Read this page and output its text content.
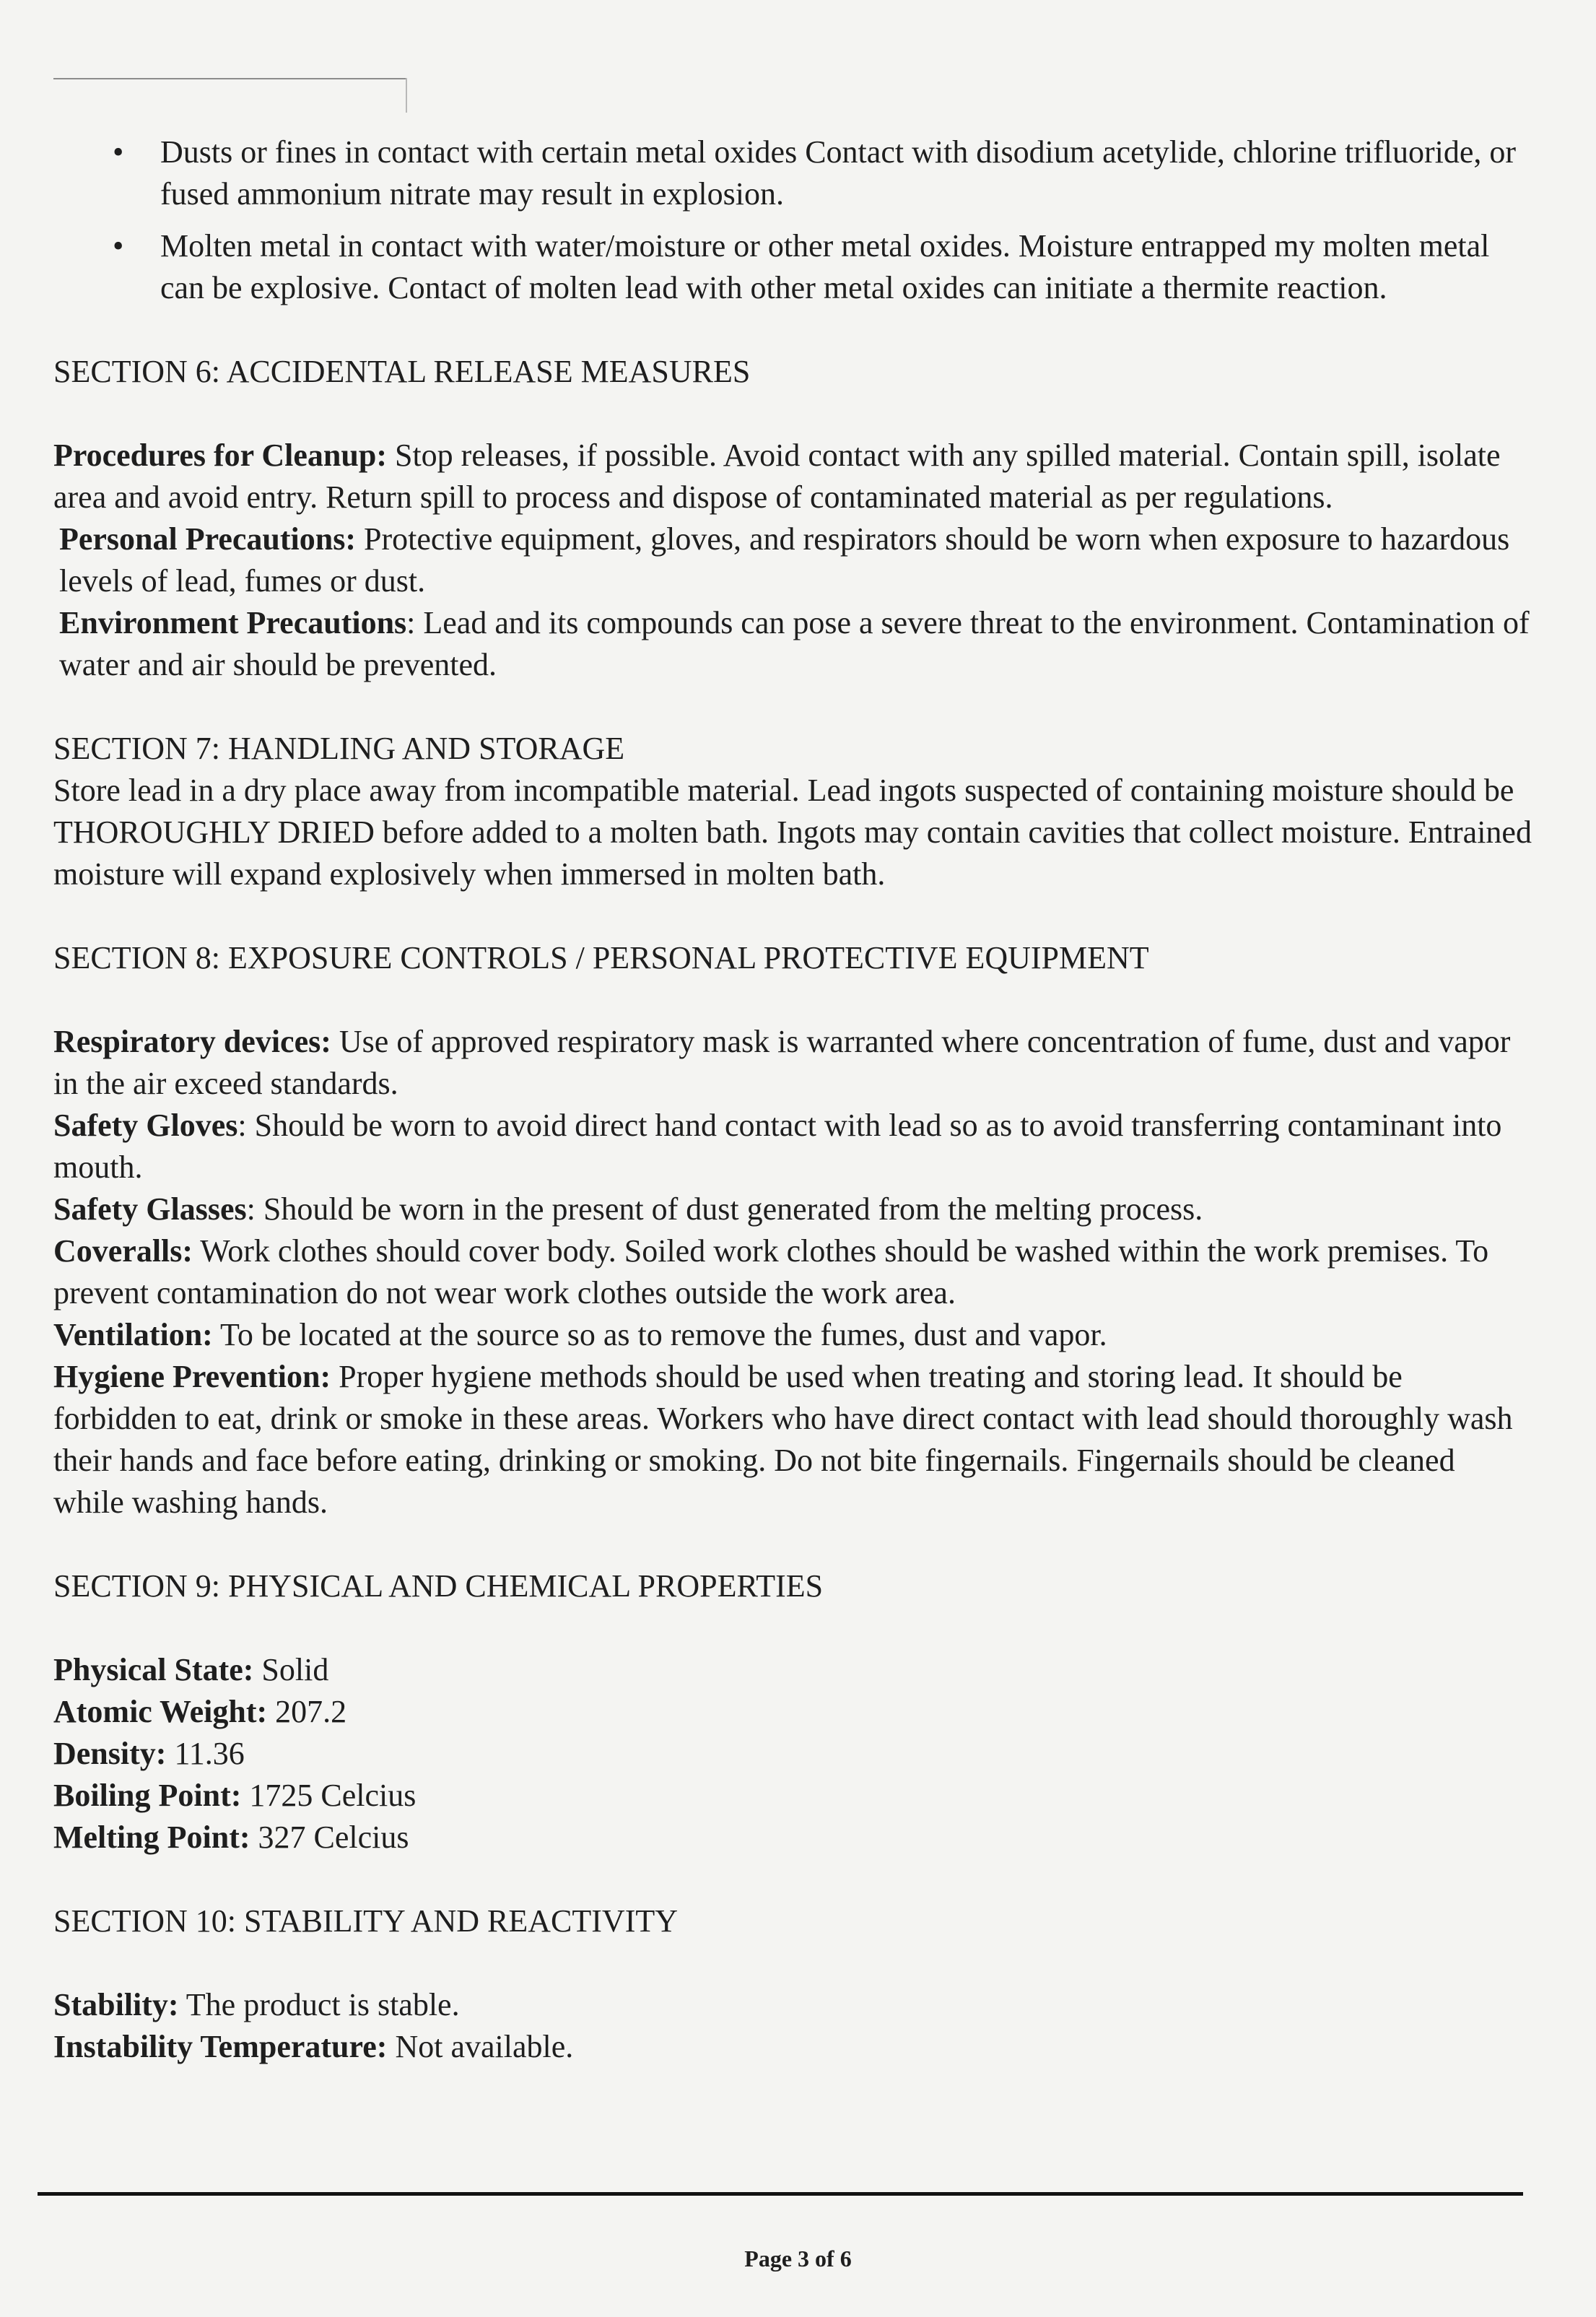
• Dusts or fines in contact with certain metal oxides Contact with disodium acetylide, chlorine trifluoride, or fused ammonium nitrate may result in explosion.
• Molten metal in contact with water/moisture or other metal oxides. Moisture entrapped my molten metal can be explosive. Contact of molten lead with other metal oxides can initiate a thermite reaction.
SECTION 6: ACCIDENTAL RELEASE MEASURES

Procedures for Cleanup: Stop releases, if possible. Avoid contact with any spilled material. Contain spill, isolate area and avoid entry. Return spill to process and dispose of contaminated material as per regulations.

Personal Precautions: Protective equipment, gloves, and respirators should be worn when exposure to hazardous levels of lead, fumes or dust.

Environment Precautions: Lead and its compounds can pose a severe threat to the environment. Contamination of water and air should be prevented.

SECTION 7: HANDLING AND STORAGE

Store lead in a dry place away from incompatible material. Lead ingots suspected of containing moisture should be THOROUGHLY DRIED before added to a molten bath. Ingots may contain cavities that collect moisture. Entrained moisture will expand explosively when immersed in molten bath.

SECTION 8: EXPOSURE CONTROLS / PERSONAL PROTECTIVE EQUIPMENT

Respiratory devices: Use of approved respiratory mask is warranted where concentration of fume, dust and vapor in the air exceed standards.

Safety Gloves: Should be worn to avoid direct hand contact with lead so as to avoid transferring contaminant into mouth.

Safety Glasses: Should be worn in the present of dust generated from the melting process.

Coveralls: Work clothes should cover body. Soiled work clothes should be washed within the work premises. To prevent contamination do not wear work clothes outside the work area.

Ventilation: To be located at the source so as to remove the fumes, dust and vapor.

Hygiene Prevention: Proper hygiene methods should be used when treating and storing lead. It should be forbidden to eat, drink or smoke in these areas. Workers who have direct contact with lead should thoroughly wash their hands and face before eating, drinking or smoking. Do not bite fingernails. Fingernails should be cleaned while washing hands.

SECTION 9: PHYSICAL AND CHEMICAL PROPERTIES

Physical State: Solid

Atomic Weight: 207.2

Density: 11.36

Boiling Point: 1725 Celcius

Melting Point: 327 Celcius

SECTION 10: STABILITY AND REACTIVITY

Stability: The product is stable.

Instability Temperature: Not available.

Page 3 of 6
